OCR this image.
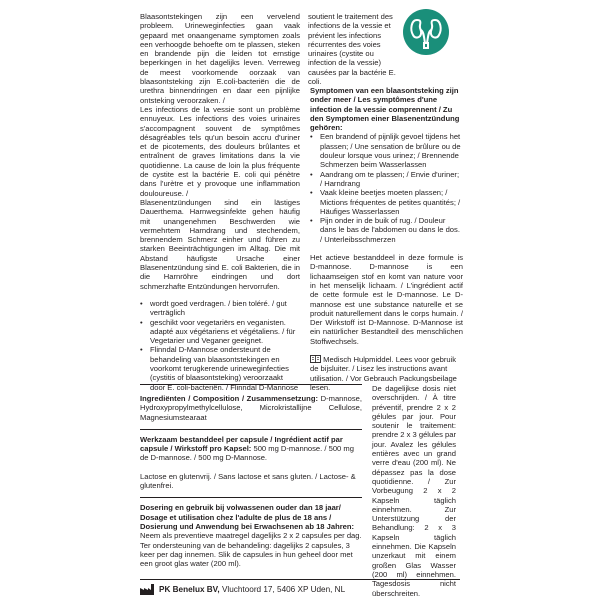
Blaasontstekingen zijn een vervelend probleem. Urineweginfecties gaan vaak gepaard met onaangename symptomen zoals een verhoogde behoefte om te plassen, steken en brandende pijn die leiden tot ernstige beperkingen in het dagelijks leven. Verreweg de meest voorkomende oorzaak van blaasontsteking zijn E.coli-bacteriën die de urethra binnendringen en daar een pijnlijke ontsteking veroorzaken. /

Les infections de la vessie sont un problème ennuyeux. Les infections des voies urinaires s'accompagnent souvent de symptômes désagréables tels qu'un besoin accru d'uriner et de picotements, des douleurs brûlantes et entraînent de graves limitations dans la vie quotidienne. La cause de loin la plus fréquente de cystite est la bactérie E. coli qui pénètre dans l'urètre et y provoque une inflammation douloureuse. /

Blasenentzündungen sind ein lästiges Dauerthema. Harnwegsinfekte gehen häufig mit unangenehmen Beschwerden wie vermehrtem Harndrang und stechendem, brennendem Schmerz einher und führen zu starken Beeinträchtigungen im Alltag. Die mit Abstand häufigste Ursache einer Blasenentzündung sind E. coli Bakterien, die in die Harnröhre eindringen und dort schmerzhafte Entzündungen hervorrufen.

• wordt goed verdragen. / bien toléré. / gut verträglich
• geschikt voor vegetariërs en veganisten. adapté aux végétariens et végétaliens. / für Vegetarier und Veganer geeignet.
• Flinndal D-Mannose ondersteunt de behandeling van blaasontstekingen en voorkomt terugkerende urineweginfecties (cystitis of blaasontsteking) veroorzaakt door E. coli-bacteriën. / Flinndal D-Mannose

soutient le traitement des infections de la vessie et prévient les infections récurrentes des voies urinaires (cystite ou infection de la vessie) causées par la bactérie E. coli.

Symptomen van een blaasontsteking zijn onder meer / Les symptômes d'une infection de la vessie comprennent / Zu den Symptomen einer Blasenentzündung gehören:

• Een brandend of pijnlijk gevoel tijdens het plassen; / Une sensation de brûlure ou de douleur lorsque vous urinez; / Brennende Schmerzen beim Wasserlassen
• Aandrang om te plassen; / Envie d'uriner; / Harndrang
• Vaak kleine beetjes moeten plassen; / Mictions fréquentes de petites quantités; / Häufiges Wasserlassen
• Pijn onder in de buik of rug. / Douleur dans le bas de l'abdomen ou dans le dos. / Unterleibsschmerzen

Het actieve bestanddeel in deze formule is D-mannose. D-mannose is een lichaamseigen stof en komt van nature voor in het menselijk lichaam. / L'ingrédient actif de cette formule est le D-mannose. Le D-mannose est une substance naturelle et se produit naturellement dans le corps humain. / Der Wirkstoff ist D-Mannose. D-Mannose ist ein natürlicher Bestandteil des menschlichen Stoffwechsels.

Medisch Hulpmiddel. Lees voor gebruik de bijsluiter. / Lisez les instructions avant utilisation. / Vor Gebrauch Packungsbeilage lesen.

Ingrediënten / Composition / Zusammensetzung: D-mannose, Hydroxypropylmethylcellulose, Microkristallijne Cellulose, Magnesiumstearaat

Werkzaam bestanddeel per capsule / Ingrédient actif par capsule / Wirkstoff pro Kapsel: 500 mg D-mannose. / 500 mg de D-mannose. / 500 mg D-Mannose.

Lactose en glutenvrij. / Sans lactose et sans gluten. / Lactose- & glutenfrei.

Dosering en gebruik bij volwassenen ouder dan 18 jaar/ Dosage et utilisation chez l'adulte de plus de 18 ans / Dosierung und Anwendung bei Erwachsenen ab 18 Jahren: Neem als preventieve maatregel dagelijks 2 x 2 capsules per dag. Ter ondersteuning van de behandeling: dagelijks 2 capsules, 3 keer per dag innemen. Slik de capsules in hun geheel door met een groot glas water (200 ml).

De dagelijkse dosis niet overschrijden. / À titre préventif, prendre 2 x 2 gélules par jour. Pour soutenir le traitement: prendre 2 x 3 gélules par jour. Avalez les gélules entières avec un grand verre d'eau (200 ml). Ne dépassez pas la dose quotidienne. / Zur Vorbeugung 2 x 2 Kapseln täglich einnehmen. Zur Unterstützung der Behandlung: 2 x 3 Kapseln täglich einnehmen. Die Kapseln unzerkaut mit einem großen Glas Wasser (200 ml) einnehmen. Tagesdosis nicht überschreiten.

PK Benelux BV, Vluchtoord 17, 5406 XP Uden, NL
